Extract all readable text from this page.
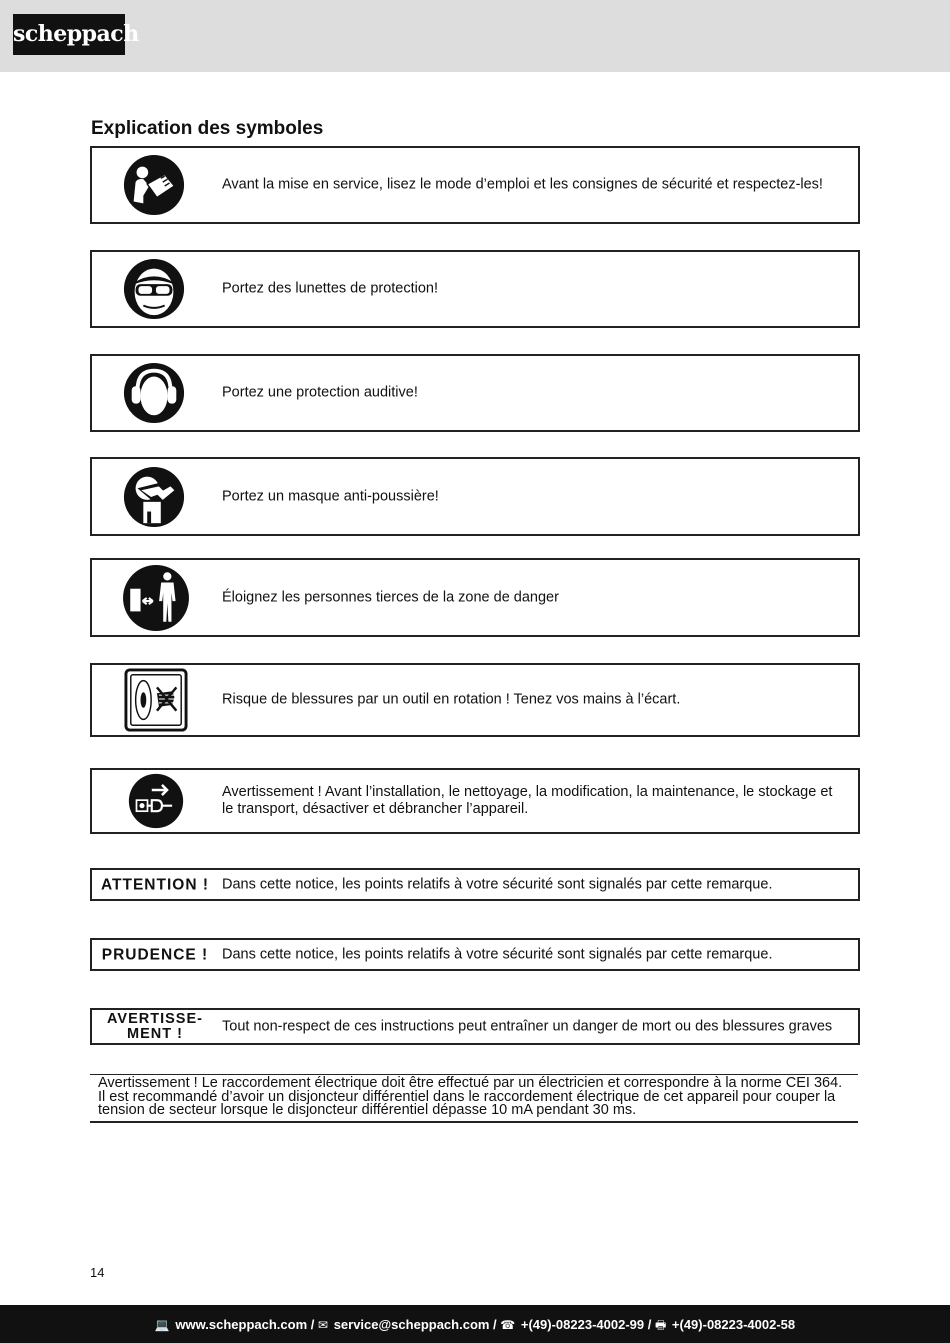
scheppach
Explication des symboles
Avant la mise en service, lisez le mode d’emploi et les consignes de sécurité et respectez-les!
Portez des lunettes de protection!
Portez une protection auditive!
Portez un masque anti-poussière!
Éloignez les personnes tierces de la zone de danger
Risque de blessures par un outil en rotation ! Tenez vos mains à l’écart.
Avertissement ! Avant l’installation, le nettoyage, la modification, la maintenance, le stockage et le transport, désactiver et débrancher l’appareil.
ATTENTION ! Dans cette notice, les points relatifs à votre sécurité sont signalés par cette remarque.
PRUDENCE ! Dans cette notice, les points relatifs à votre sécurité sont signalés par cette remarque.
AVERTISSE-
MENT !	Tout non-respect de ces instructions peut entraîner un danger de mort ou des blessures graves
Avertissement ! Le raccordement électrique doit être effectué par un électricien et correspondre à la norme CEI 364. Il est recommandé d’avoir un disjoncteur différentiel dans le raccordement électrique de cet appareil pour couper la tension de secteur lorsque le disjoncteur différentiel dépasse 10 mA pendant 30 ms.
14
💻 www.scheppach.com / ✉ service@scheppach.com / ☎ +(49)-08223-4002-99 / 🖶 +(49)-08223-4002-58
